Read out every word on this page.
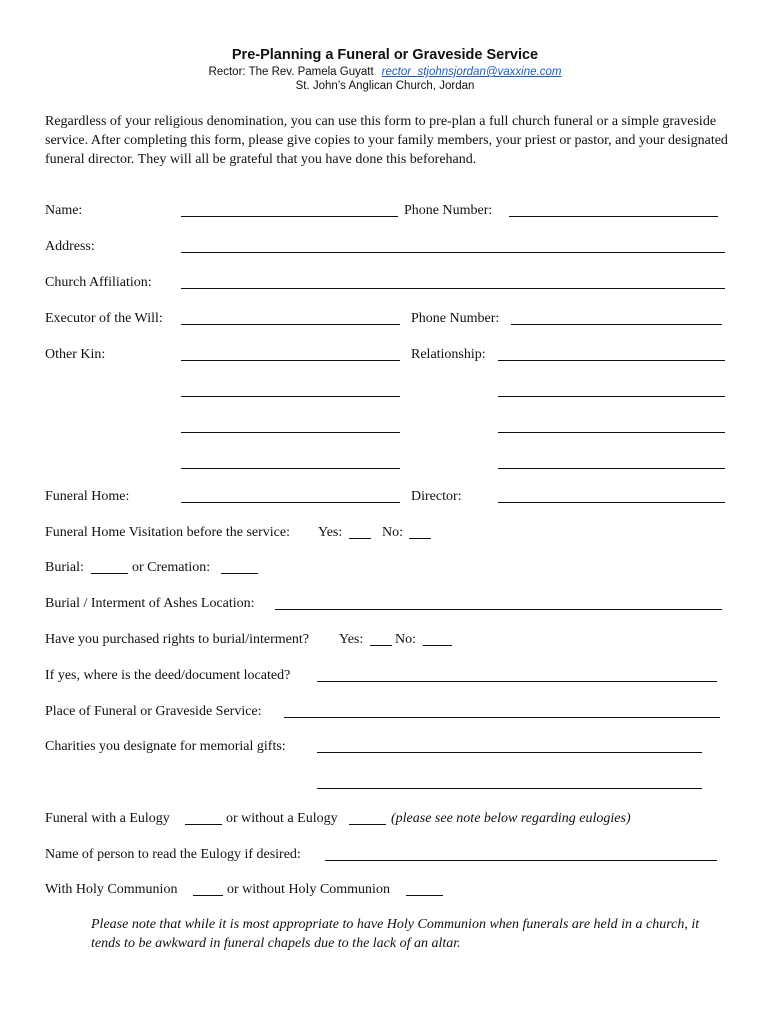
Pre-Planning a Funeral or Graveside Service
Rector: The Rev. Pamela Guyatt rector_stjohnsjordan@vaxxine.com
St. John’s Anglican Church, Jordan

Regardless of your religious denomination, you can use this form to pre-plan a full church funeral or a simple graveside service. After completing this form, please give copies to your family members, your priest or pastor, and your designated funeral director. They will all be grateful that you have done this beforehand.

Name:	Phone Number:
Address:
Church Affiliation:
Executor of the Will:	Phone Number:
Other Kin:	Relationship:
Funeral Home:	Director:
Funeral Home Visitation before the service: Yes:	No:
Burial:	or Cremation:
Burial / Interment of Ashes Location:
Have you purchased rights to burial/interment? Yes: No:
If yes, where is the deed/document located?
Place of Funeral or Graveside Service:
Charities you designate for memorial gifts:
Funeral with a Eulogy	or without a Eulogy	(please see note below regarding eulogies)
Name of person to read the Eulogy if desired:
With Holy Communion	or without Holy Communion

Please note that while it is most appropriate to have Holy Communion when funerals are held in a church, it tends to be awkward in funeral chapels due to the lack of an altar.
